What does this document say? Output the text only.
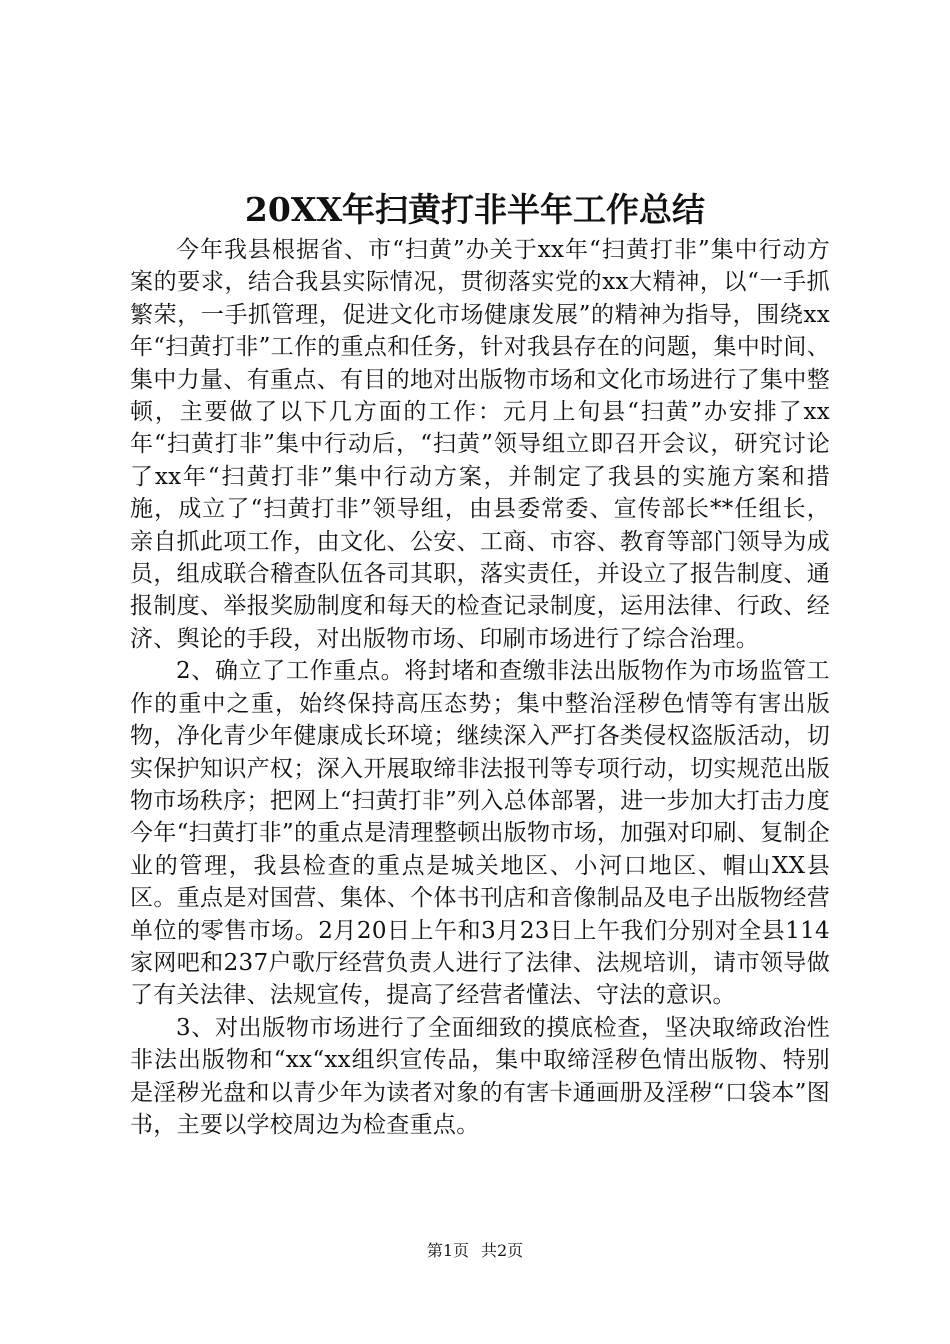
20XX年扫黄打非半年工作总结

今年我县根据省、市“扫黄”办关于xx年“扫黄打非”集中行动方案的要求，结合我县实际情况，贯彻落实党的xx大精神，以“一手抓繁荣，一手抓管理，促进文化市场健康发展”的精神为指导，围绕xx年“扫黄打非”工作的重点和任务，针对我县存在的问题，集中时间、集中力量、有重点、有目的地对出版物市场和文化市场进行了集中整顿，主要做了以下几方面的工作：元月上旬县“扫黄”办安排了xx年“扫黄打非”集中行动后，“扫黄”领导组立即召开会议，研究讨论了xx年“扫黄打非”集中行动方案，并制定了我县的实施方案和措施，成立了“扫黄打非”领导组，由县委常委、宣传部长**任组长，亲自抓此项工作，由文化、公安、工商、市容、教育等部门领导为成员，组成联合稽查队伍各司其职，落实责任，并设立了报告制度、通报制度、举报奖励制度和每天的检查记录制度，运用法律、行政、经济、舆论的手段，对出版物市场、印刷市场进行了综合治理。

2、确立了工作重点。将封堵和查缴非法出版物作为市场监管工作的重中之重，始终保持高压态势；集中整治淫秽色情等有害出版物，净化青少年健康成长环境；继续深入严打各类侵权盗版活动，切实保护知识产权；深入开展取缔非法报刊等专项行动，切实规范出版物市场秩序；把网上“扫黄打非”列入总体部署，进一步加大打击力度今年“扫黄打非”的重点是清理整顿出版物市场，加强对印刷、复制企业的管理，我县检查的重点是城关地区、小河口地区、帽山XX县区。重点是对国营、集体、个体书刊店和音像制品及电子出版物经营单位的零售市场。2月20日上午和3月23日上午我们分别对全县114家网吧和237户歌厅经营负责人进行了法律、法规培训，请市领导做了有关法律、法规宣传，提高了经营者懂法、守法的意识。

3、对出版物市场进行了全面细致的摸底检查，坚决取缔政治性非法出版物和“xx“xx组织宣传品，集中取缔淫秽色情出版物、特别是淫秽光盘和以青少年为读者对象的有害卡通画册及淫秽“口袋本”图书，主要以学校周边为检查重点。

第1页 共2页
